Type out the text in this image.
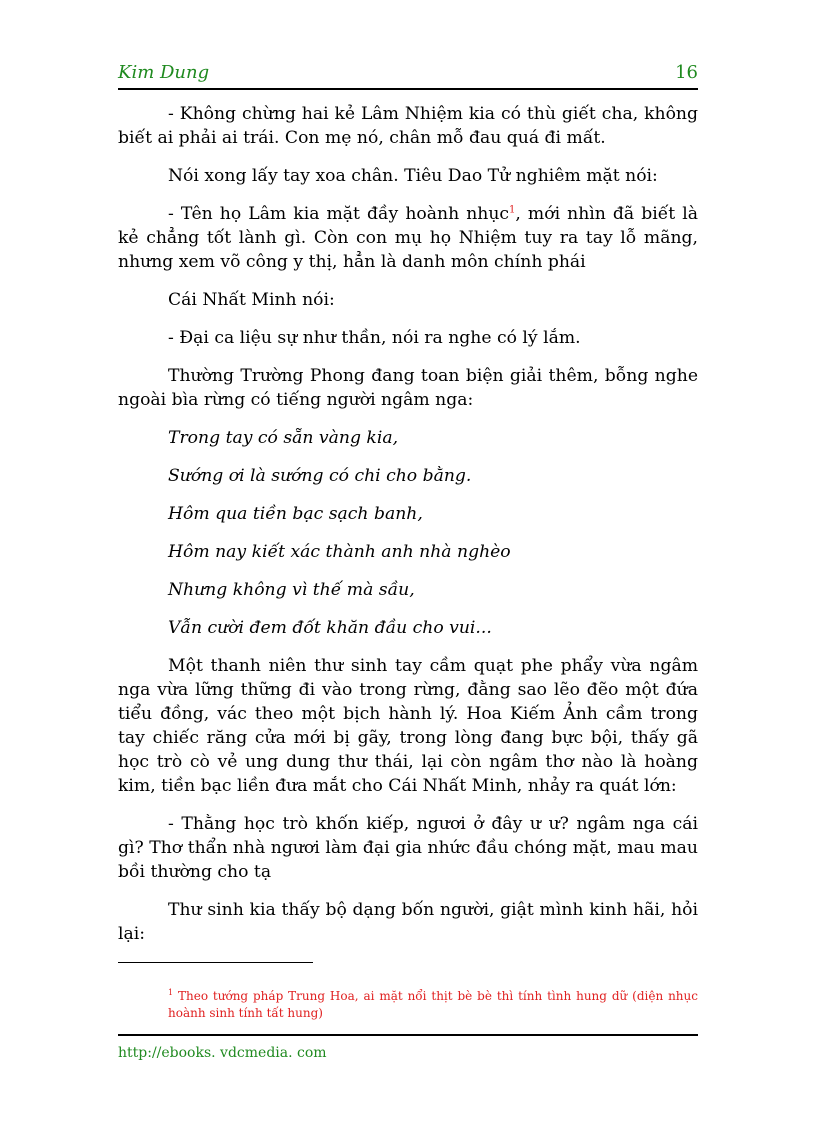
Kim Dung	16

- Không chừng hai kẻ Lâm Nhiệm kia có thù giết cha, không biết ai phải ai trái. Con mẹ nó, chân mỗ đau quá đi mất.

Nói xong lấy tay xoa chân. Tiêu Dao Tử nghiêm mặt nói:

- Tên họ Lâm kia mặt đầy hoành nhục$^1$, mới nhìn đã biết là kẻ chẳng tốt lành gì. Còn con mụ họ Nhiệm tuy ra tay lỗ mãng, nhưng xem võ công y thị, hẳn là danh môn chính phái

Cái Nhất Minh nói:

- Đại ca liệu sự như thần, nói ra nghe có lý lắm.

Thường Trường Phong đang toan biện giải thêm, bỗng nghe ngoài bìa rừng có tiếng người ngâm nga:

Trong tay có sẵn vàng kia,

Sướng ơi là sướng có chi cho bằng.

Hôm qua tiền bạc sạch banh,

Hôm nay kiết xác thành anh nhà nghèo

Nhưng không vì thế mà sầu,

Vẫn cười đem đốt khăn đầu cho vui...

Một thanh niên thư sinh tay cầm quạt phe phẩy vừa ngâm nga vừa lững thững đi vào trong rừng, đằng sao lẽo đẽo một đứa tiểu đồng, vác theo một bịch hành lý. Hoa Kiếm Ảnh cầm trong tay chiếc răng cửa mới bị gãy, trong lòng đang bực bội, thấy gã học trò cò vẻ ung dung thư thái, lại còn ngâm thơ nào là hoàng kim, tiền bạc liền đưa mắt cho Cái Nhất Minh, nhảy ra quát lớn:

- Thằng học trò khốn kiếp, ngươi ở đây ư ư? ngâm nga cái gì? Thơ thẩn nhà ngươi làm đại gia nhức đầu chóng mặt, mau mau bồi thường cho tạ

Thư sinh kia thấy bộ dạng bốn người, giật mình kinh hãi, hỏi lại:

$^1$ Theo tướng pháp Trung Hoa, ai mặt nổi thịt bè bè thì tính tình hung dữ (diện nhục hoành sinh tính tất hung)
http://ebooks. vdcmedia. com
